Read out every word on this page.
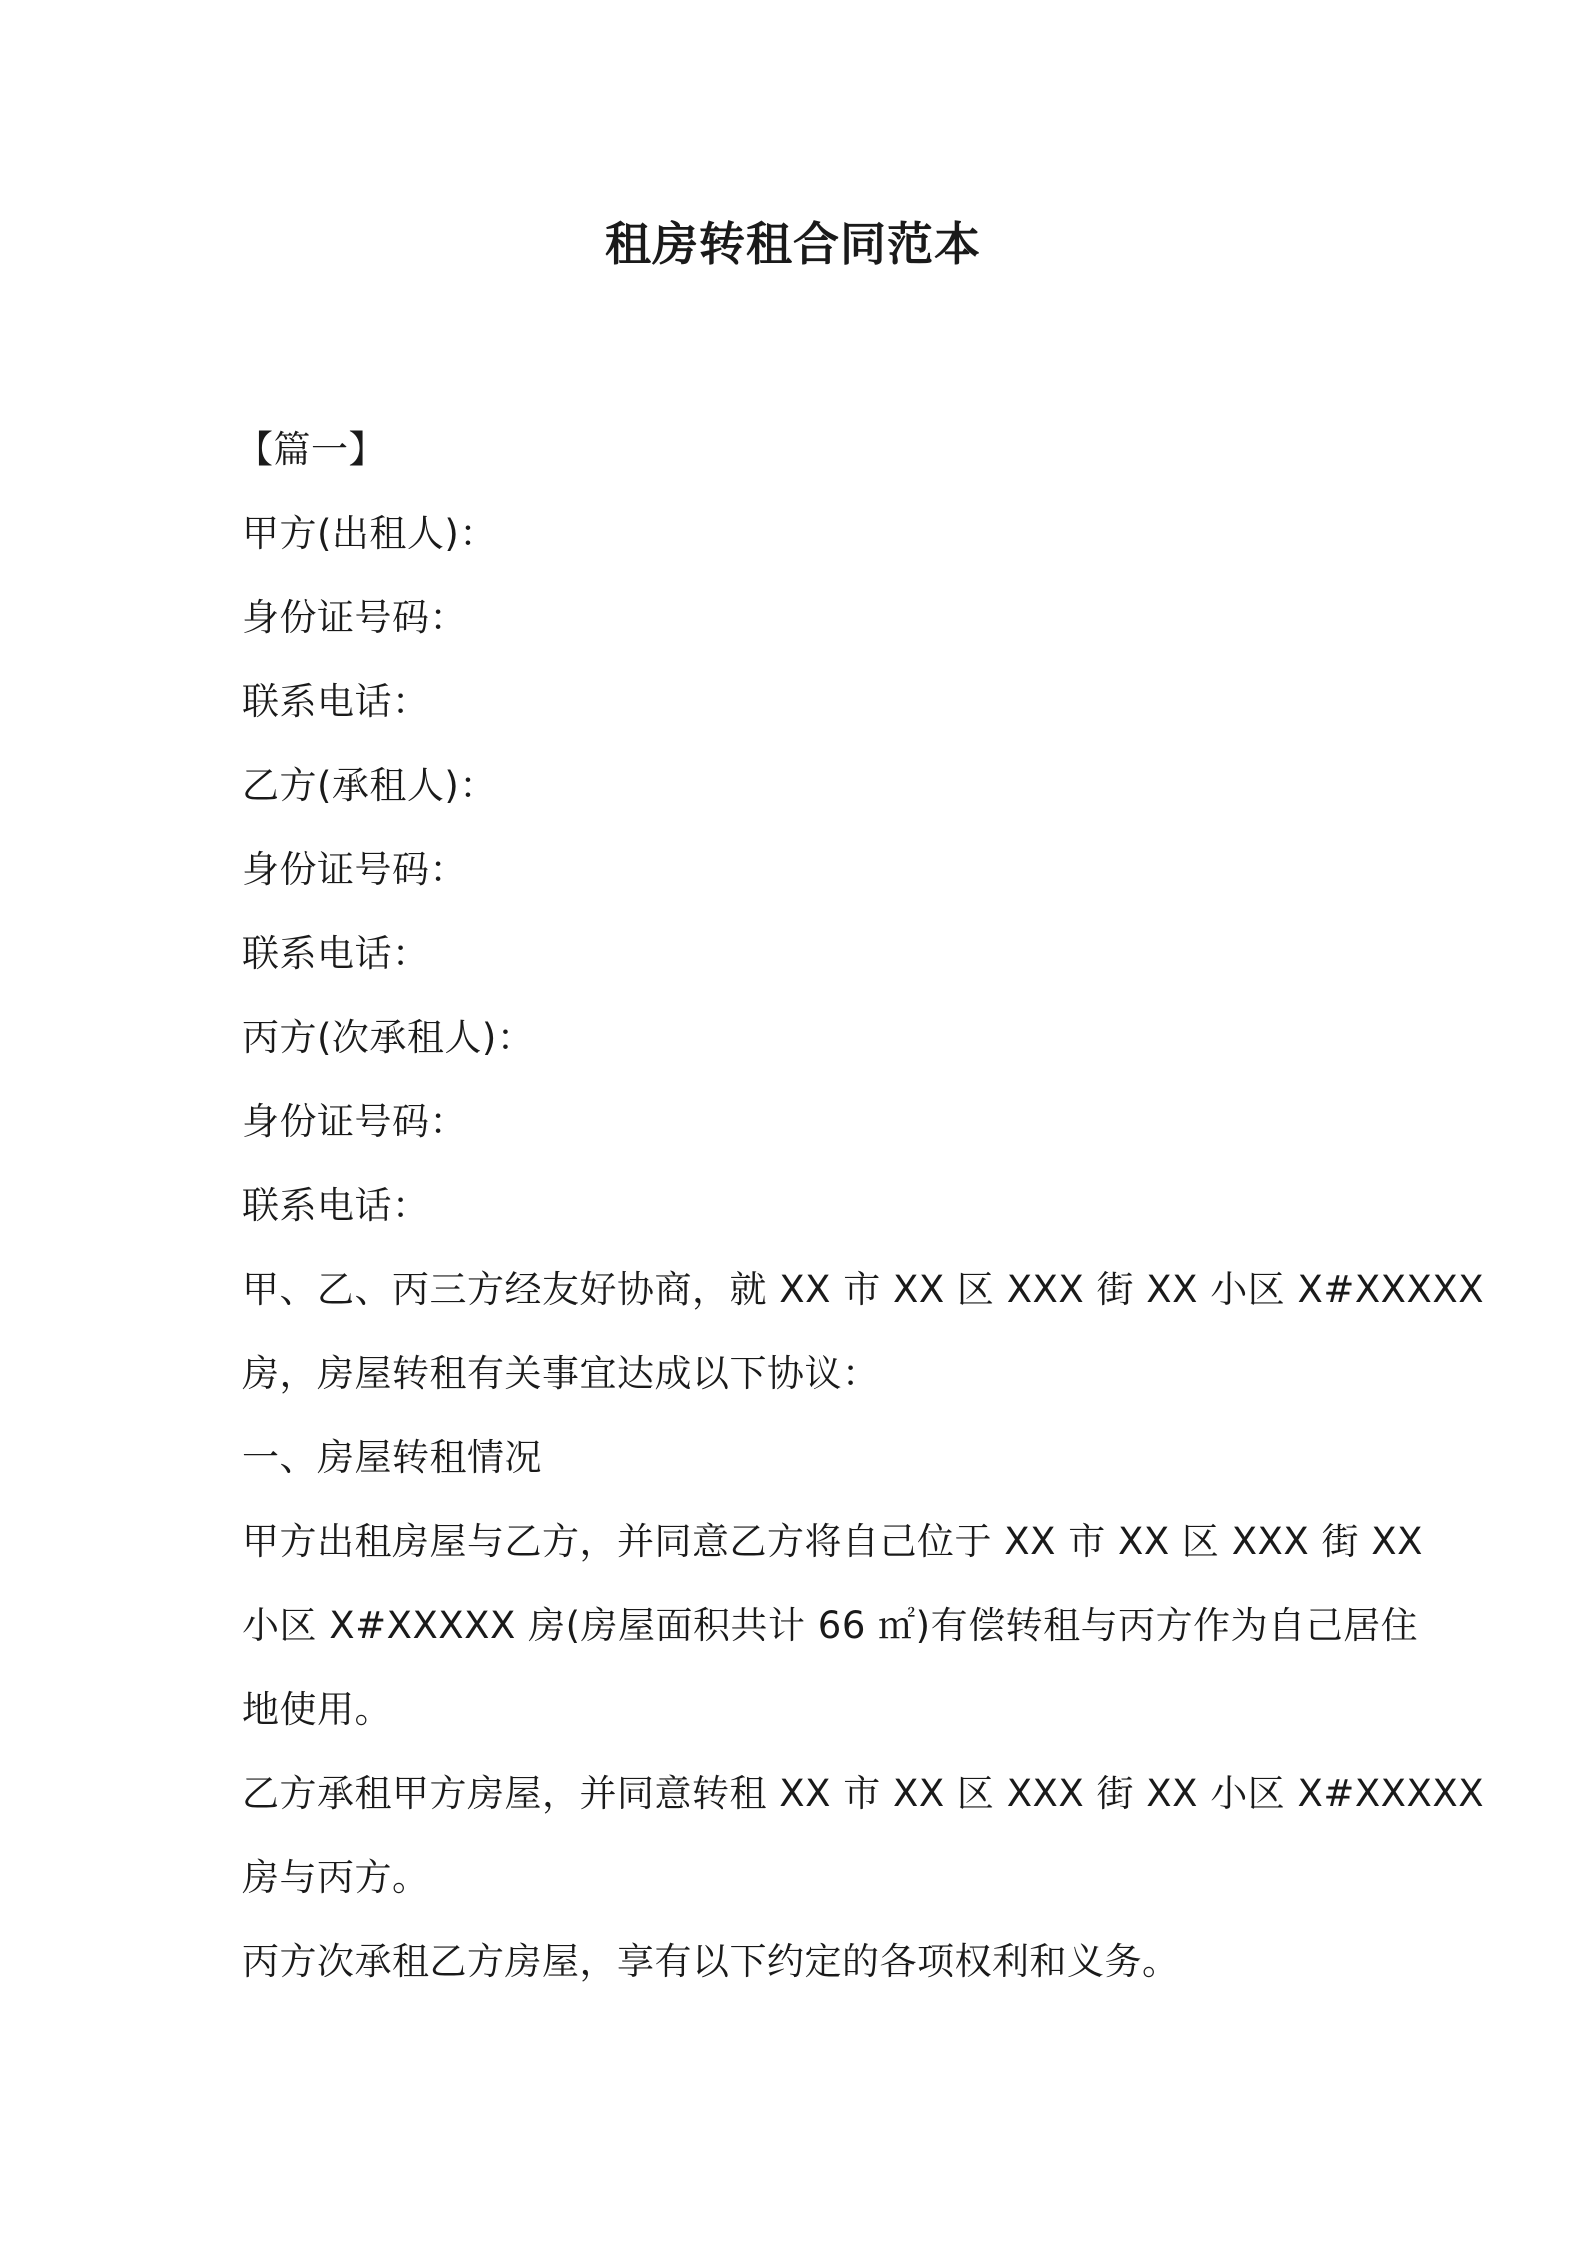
租房转租合同范本
【篇一】
甲方(出租人)：
身份证号码：
联系电话：
乙方(承租人)：
身份证号码：
联系电话：
丙方(次承租人)：
身份证号码：
联系电话：
甲、乙、丙三方经友好协商，就 XX 市 XX 区 XXX 街 XX 小区 X#XXXXX
房，房屋转租有关事宜达成以下协议：
一、房屋转租情况
甲方出租房屋与乙方，并同意乙方将自己位于 XX 市 XX 区 XXX 街 XX
小区 X#XXXXX 房(房屋面积共计 66 ㎡)有偿转租与丙方作为自己居住
地使用。
乙方承租甲方房屋，并同意转租 XX 市 XX 区 XXX 街 XX 小区 X#XXXXX
房与丙方。
丙方次承租乙方房屋，享有以下约定的各项权利和义务。
